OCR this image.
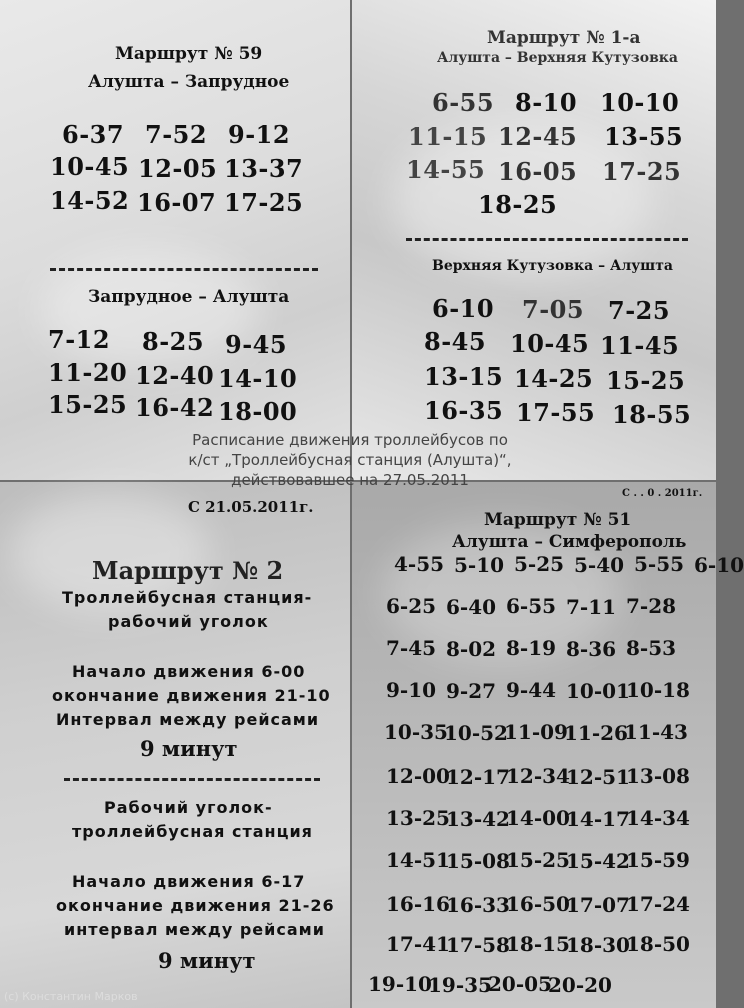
Маршрут № 59
Алушта – Запрудное
6-37 7-52 9-12
10-45 12-05 13-37
14-52 16-07 17-25
Запрудное – Алушта
7-12 8-25 9-45
11-20 12-40 14-10
15-25 16-42 18-00
Маршрут № 1-а
Алушта – Верхняя Кутузовка
6-55 8-10 10-10
11-15 12-45 13-55
14-55 16-05 17-25
18-25
Верхняя Кутузовка – Алушта
6-10 7-05 7-25
8-45 10-45 11-45
13-15 14-25 15-25
16-35 17-55 18-55
С 21.05.2011г.
Маршрут № 2
Троллейбусная станция-
рабочий уголок
Начало движения 6-00
окончание движения 21-10
Интервал между рейсами
9 минут
Рабочий уголок-
троллейбусная станция
Начало движения 6-17
окончание движения 21-26
интервал между рейсами
9 минут
С . . 0 . 2011г.
Маршрут № 51
Алушта – Симферополь
4-55 5-10 5-25 5-40 5-55 6-10
6-25 6-40 6-55 7-11 7-28
7-45 8-02 8-19 8-36 8-53
9-10 9-27 9-44 10-01
10-18
10-35
10-52
11-09
11-26
11-43
12-00
12-17
12-34
12-51
13-08
13-25
13-42
14-00
14-17
14-34
14-51
15-08
15-25
15-42
15-59
16-16
16-33
16-50
17-07
17-24
17-41
17-58
18-15
18-30
18-50
19-10
19-35
20-05
20-20
Расписание движения троллейбусов по
к/ст „Троллейбусная станция (Алушта)“,
действовавшее на 27.05.2011
(c) Константин Марков
